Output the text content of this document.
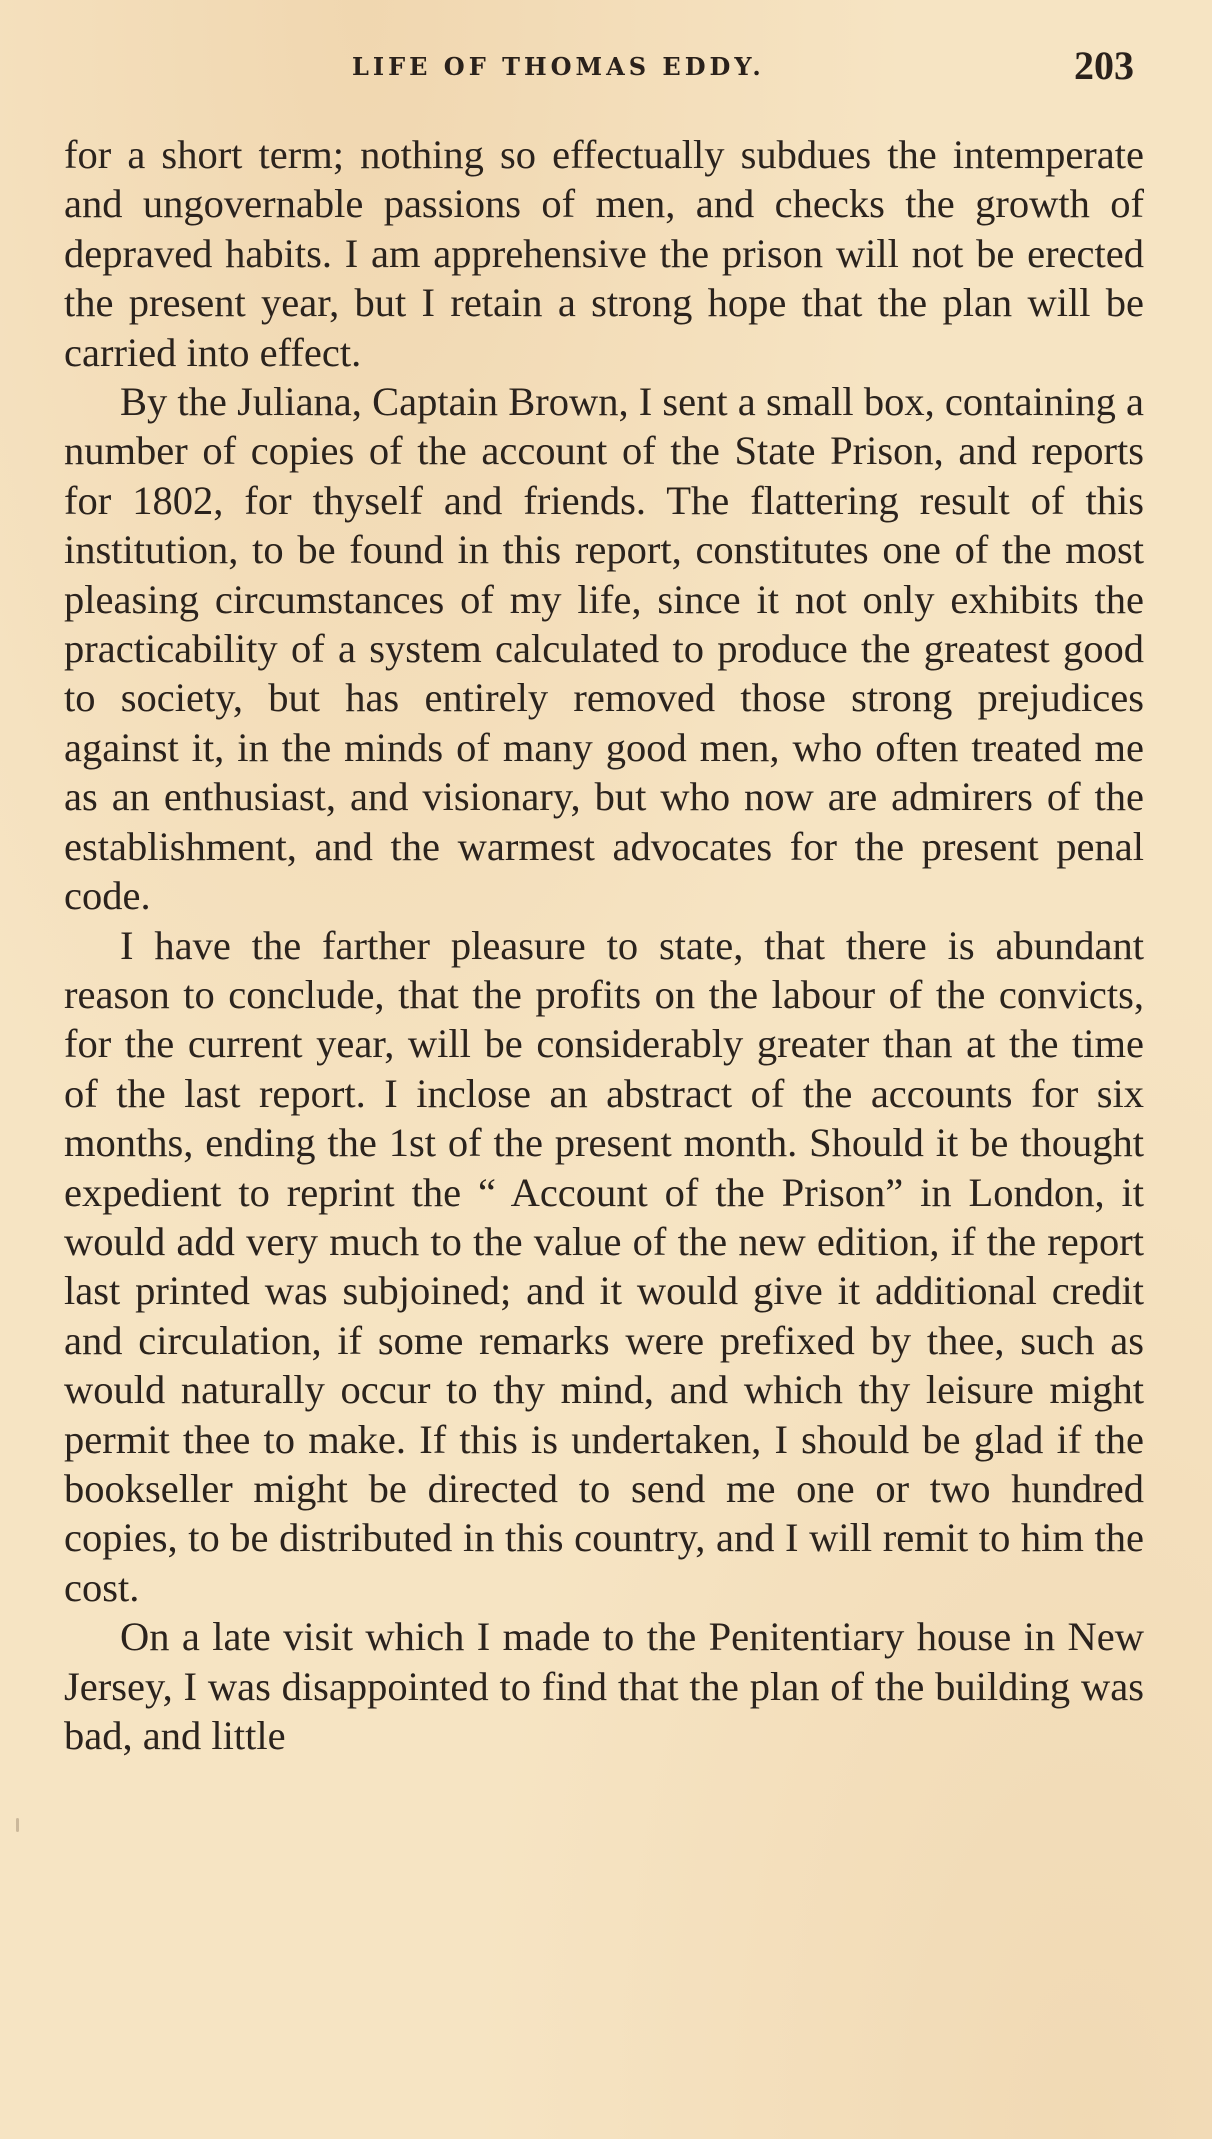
LIFE OF THOMAS EDDY.	203

for a short term; nothing so effectually subdues the intemperate and ungovernable passions of men, and checks the growth of depraved habits. I am apprehensive the prison will not be erected the present year, but I retain a strong hope that the plan will be carried into effect.

By the Juliana, Captain Brown, I sent a small box, containing a number of copies of the account of the State Prison, and reports for 1802, for thyself and friends. The flattering result of this institution, to be found in this report, constitutes one of the most pleasing circumstances of my life, since it not only exhibits the practicability of a system calculated to produce the greatest good to society, but has entirely removed those strong prejudices against it, in the minds of many good men, who often treated me as an enthusiast, and visionary, but who now are admirers of the establishment, and the warmest advocates for the present penal code.

I have the farther pleasure to state, that there is abundant reason to conclude, that the profits on the labour of the convicts, for the current year, will be considerably greater than at the time of the last report. I inclose an abstract of the accounts for six months, ending the 1st of the present month. Should it be thought expedient to reprint the “ Account of the Prison” in London, it would add very much to the value of the new edition, if the report last printed was subjoined; and it would give it additional credit and circulation, if some remarks were prefixed by thee, such as would naturally occur to thy mind, and which thy leisure might permit thee to make. If this is undertaken, I should be glad if the bookseller might be directed to send me one or two hundred copies, to be distributed in this country, and I will remit to him the cost.

On a late visit which I made to the Penitentiary house in New Jersey, I was disappointed to find that the plan of the building was bad, and little
